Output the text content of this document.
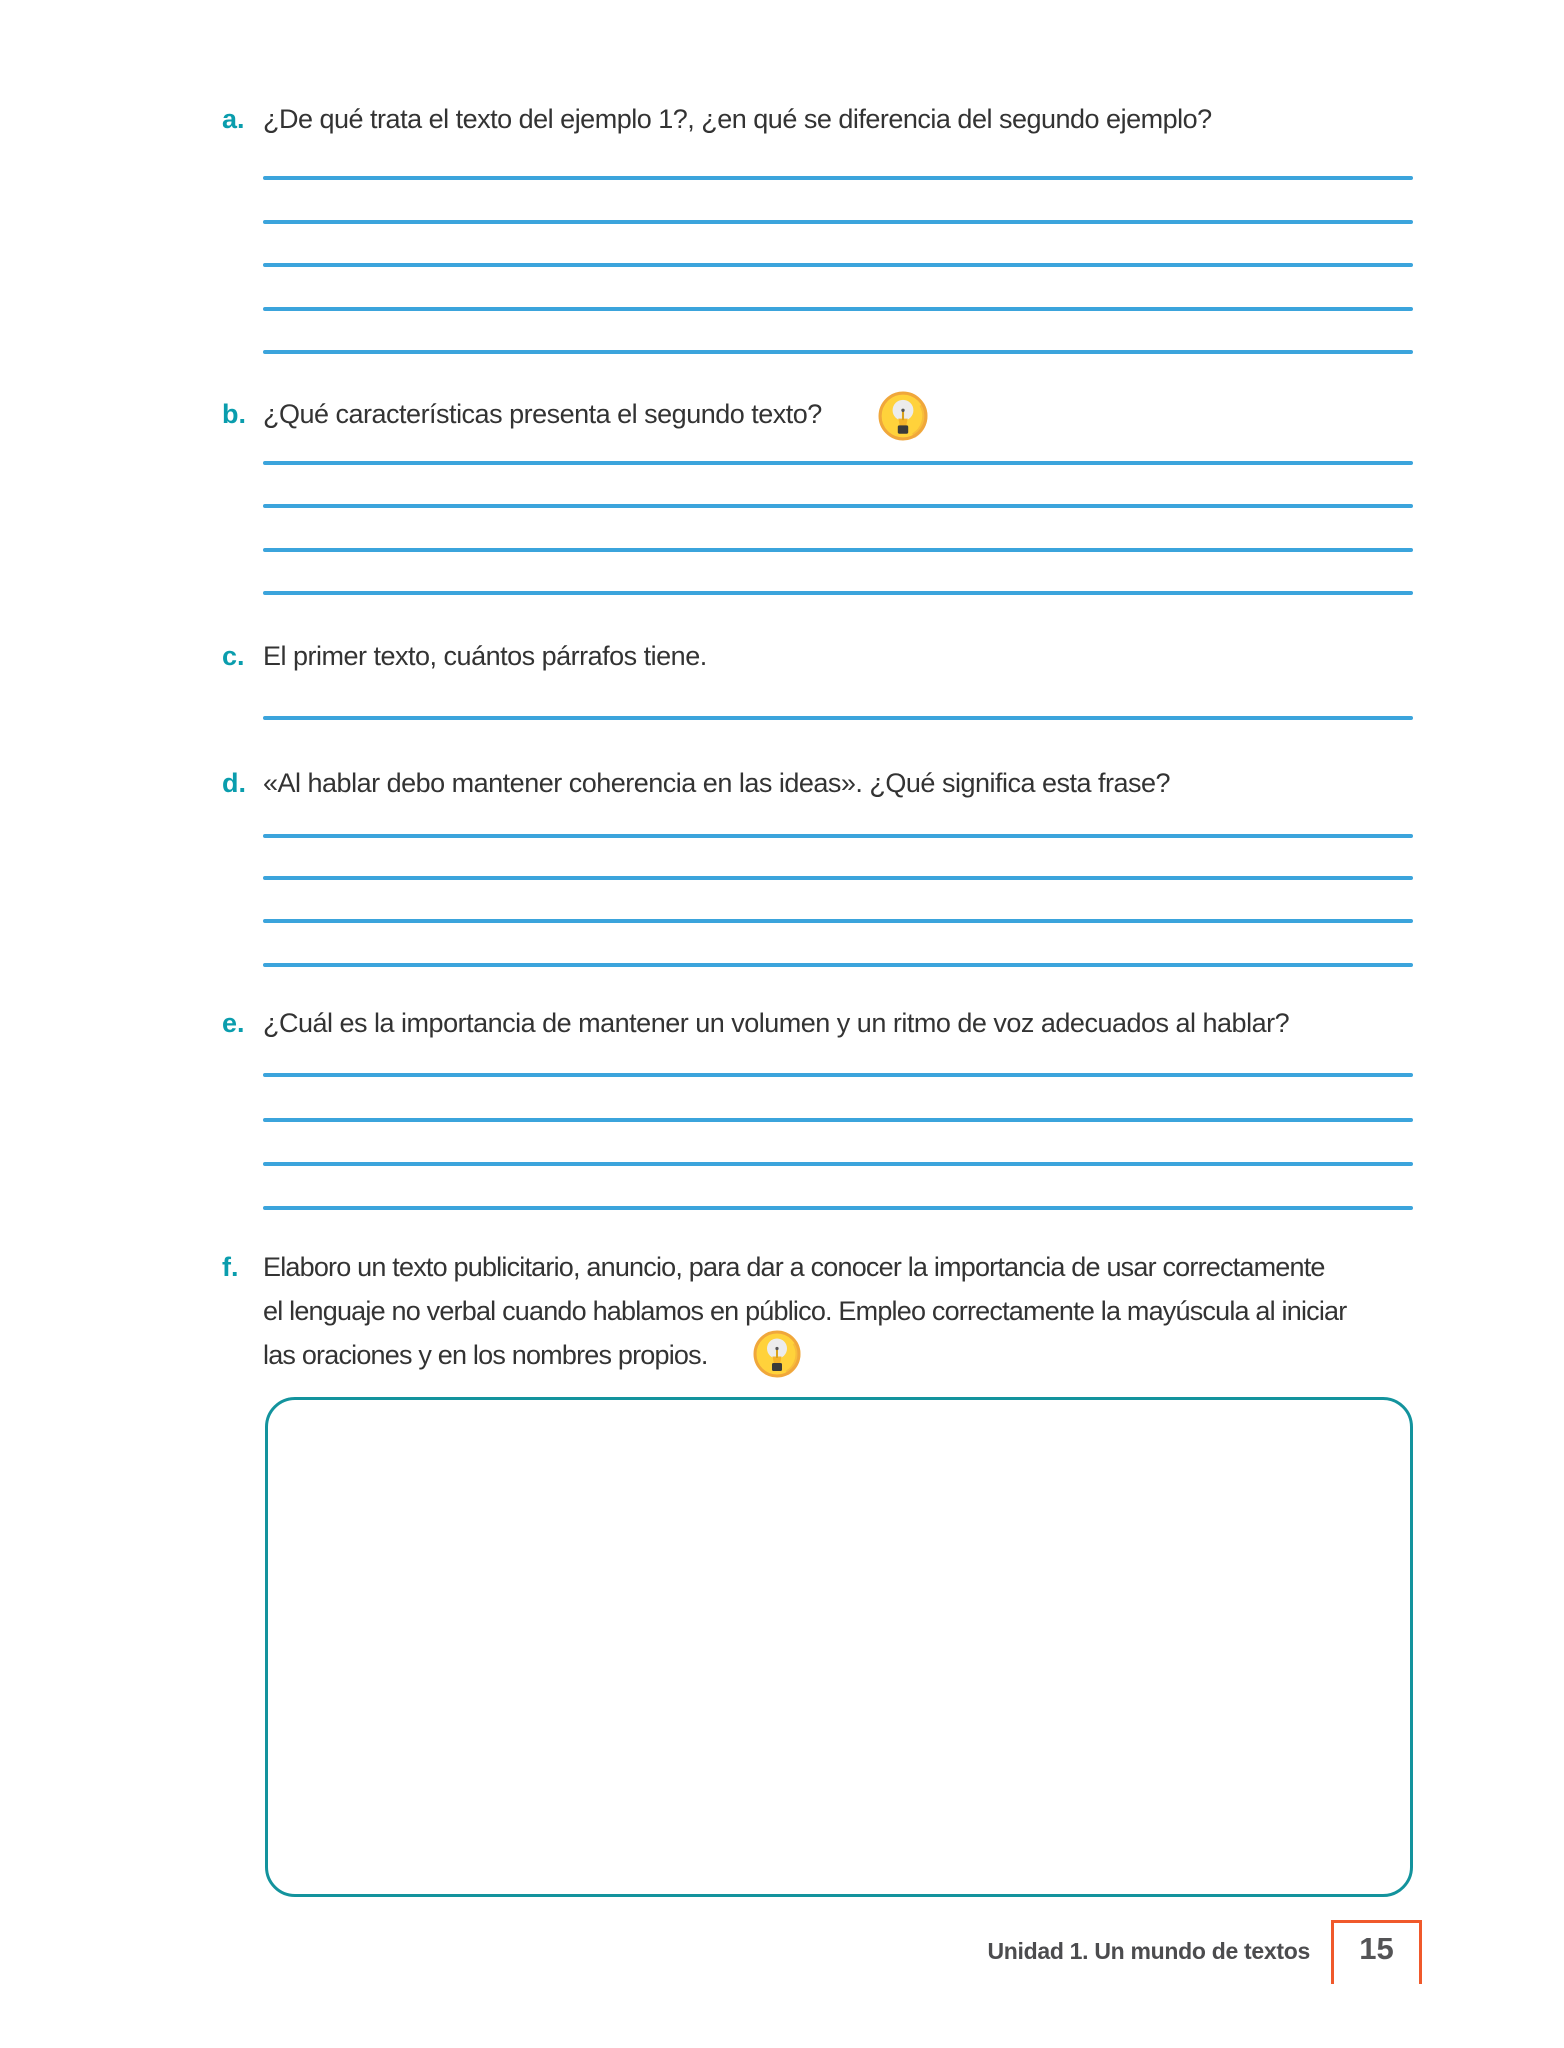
a. ¿De qué trata el texto del ejemplo 1?, ¿en qué se diferencia del segundo ejemplo?
b. ¿Qué características presenta el segundo texto?
c. El primer texto, cuántos párrafos tiene.
d. «Al hablar debo mantener coherencia en las ideas». ¿Qué significa esta frase?
e. ¿Cuál es la importancia de mantener un volumen y un ritmo de voz adecuados al hablar?
f. Elaboro un texto publicitario, anuncio, para dar a conocer la importancia de usar correctamente
el lenguaje no verbal cuando hablamos en público. Empleo correctamente la mayúscula al iniciar
las oraciones y en los nombres propios.
Unidad 1. Un mundo de textos 15
